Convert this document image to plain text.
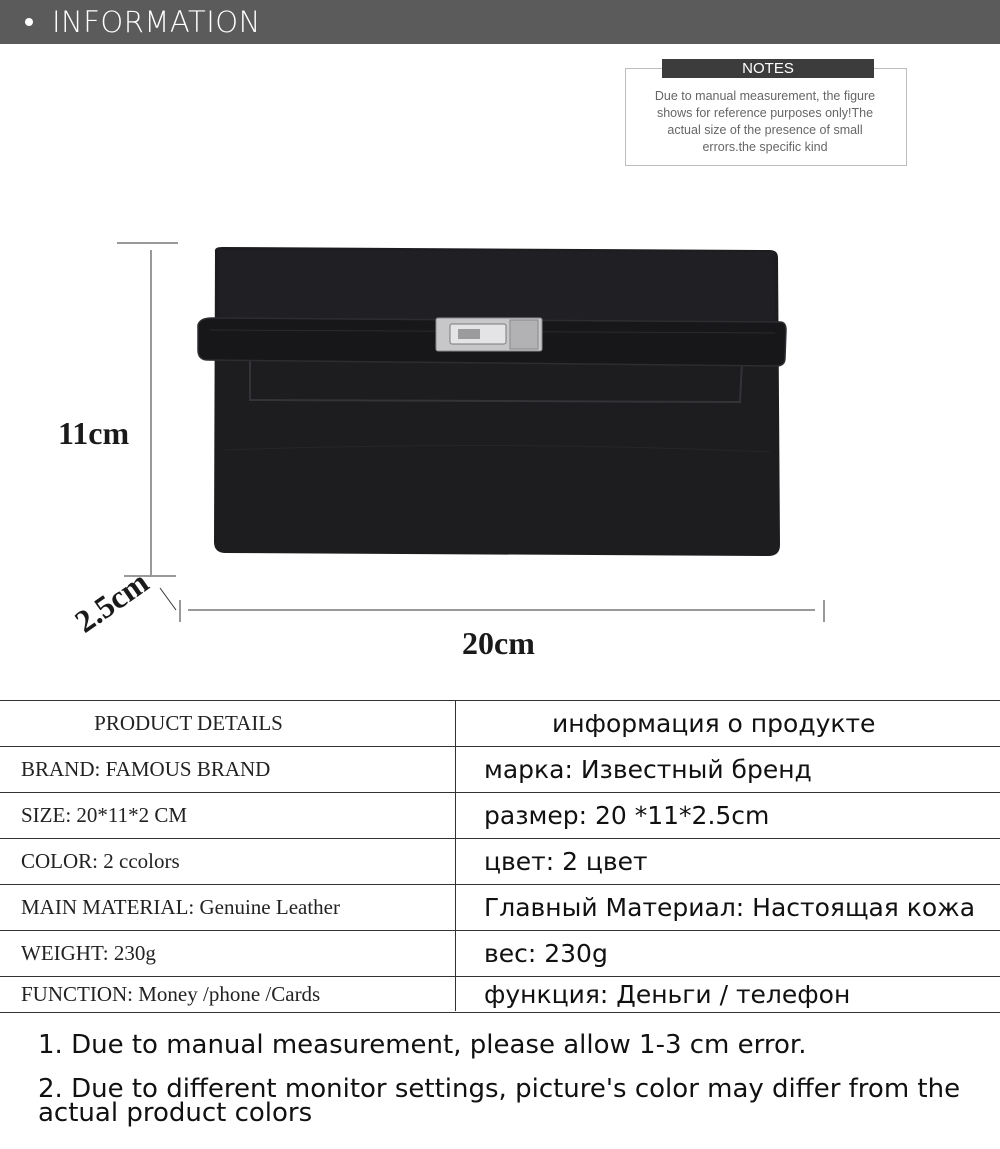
INFORMATION
NOTES
Due to manual measurement, the figure
shows for reference purposes only!The
actual size of the presence of small
errors.the specific kind
11cm
2.5cm
20cm
PRODUCT DETAILS	информация о продукте
BRAND: FAMOUS BRAND	марка: Известный бренд
SIZE: 20*11*2 CM	размер: 20 *11*2.5cm
COLOR: 2 ccolors	цвет: 2 цвет
MAIN MATERIAL: Genuine Leather	Главный Материал: Настоящая кожа
WEIGHT: 230g	вес: 230g
FUNCTION: Money /phone /Cards	функция: Деньги / телефон

1. Due to manual measurement, please allow 1-3 cm error.

2. Due to different monitor settings, picture's color may differ from the actual product colors
